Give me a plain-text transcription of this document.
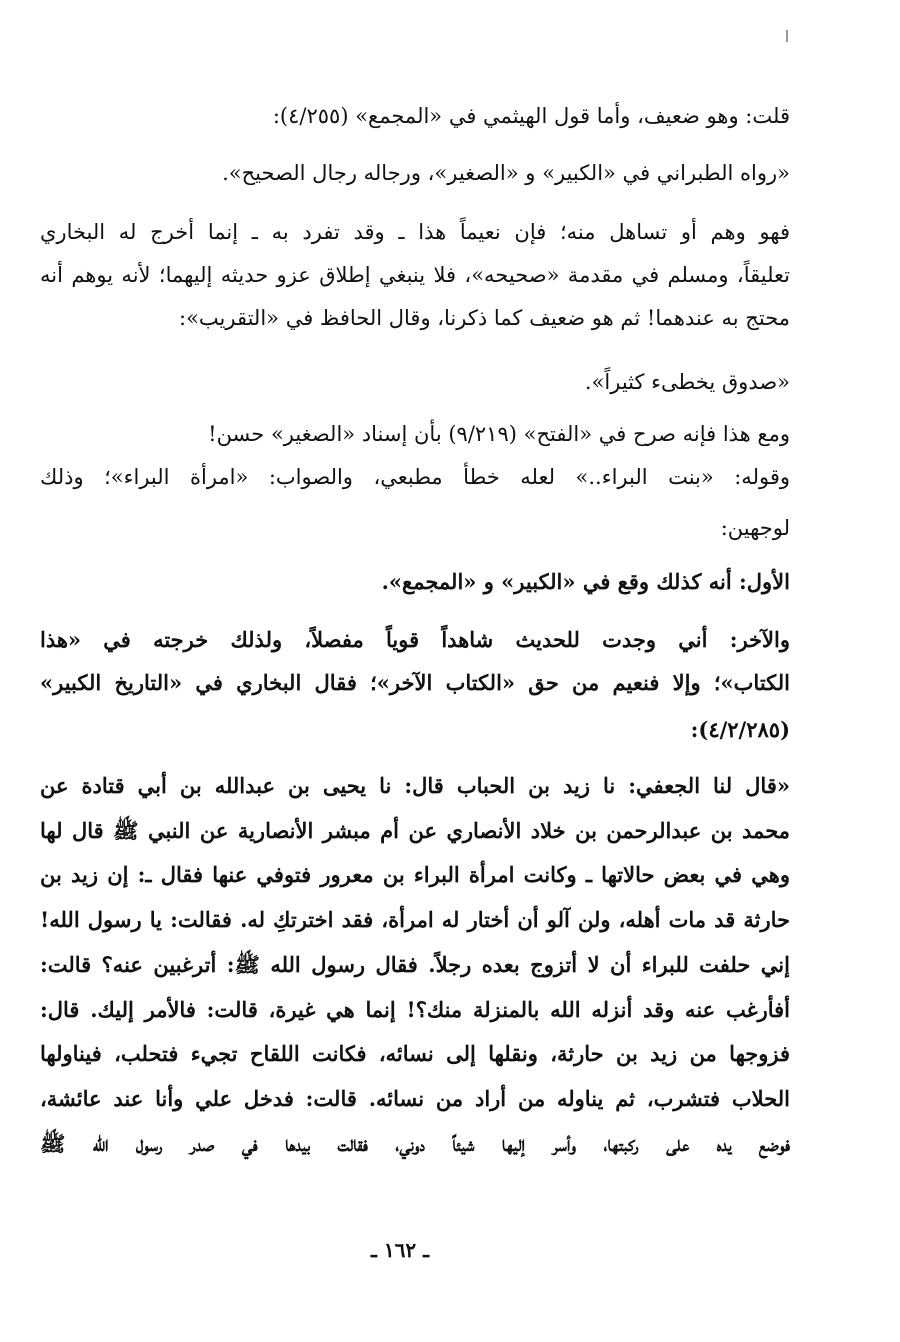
قلت: وهو ضعيف، وأما قول الهيثمي في «المجمع» (٤/٢٥٥):
«رواه الطبراني في «الكبير» و «الصغير»، ورجاله رجال الصحيح».
فهو وهم أو تساهل منه؛ فإن نعيماً هذا ـ وقد تفرد به ـ إنما أخرج له البخاري
تعليقاً، ومسلم في مقدمة «صحيحه»، فلا ينبغي إطلاق عزو حديثه إليهما؛ لأنه يوهم أنه
محتج به عندهما! ثم هو ضعيف كما ذكرنا، وقال الحافظ في «التقريب»:
«صدوق يخطىء كثيراً».
ومع هذا فإنه صرح في «الفتح» (٩/٢١٩) بأن إسناد «الصغير» حسن!
وقوله: «بنت البراء..» لعله خطأ مطبعي، والصواب: «امرأة البراء»؛ وذلك
لوجهين:
الأول: أنه كذلك وقع في «الكبير» و «المجمع».
والآخر: أني وجدت للحديث شاهداً قوياً مفصلاً، ولذلك خرجته في «هذا
الكتاب»؛ وإلا فنعيم من حق «الكتاب الآخر»؛ فقال البخاري في «التاريخ الكبير»
(٤/٢/٢٨٥):
«قال لنا الجعفي: نا زيد بن الحباب قال: نا يحيى بن عبدالله بن أبي قتادة عن
محمد بن عبدالرحمن بن خلاد الأنصاري عن أم مبشر الأنصارية عن النبي ﷺ قال لها
وهي في بعض حالاتها ـ وكانت امرأة البراء بن معرور فتوفي عنها فقال ـ: إن زيد بن
حارثة قد مات أهله، ولن آلو أن أختار له امرأة، فقد اخترتكِ له. فقالت: يا رسول الله!
إني حلفت للبراء أن لا أتزوج بعده رجلاً. فقال رسول الله ﷺ: أترغبين عنه؟ قالت:
أفأرغب عنه وقد أنزله الله بالمنزلة منك؟! إنما هي غيرة، قالت: فالأمر إليك. قال:
فزوجها من زيد بن حارثة، ونقلها إلى نسائه، فكانت اللقاح تجيء فتحلب، فيناولها
الحلاب فتشرب، ثم يناوله من أراد من نسائه. قالت: فدخل علي وأنا عند عائشة،
فوضع يده على ركبتها، وأسر إليها شيئاً دوني، فقالت بيدها في صدر رسول الله ﷺ
ـ ١٦٢ ـ
